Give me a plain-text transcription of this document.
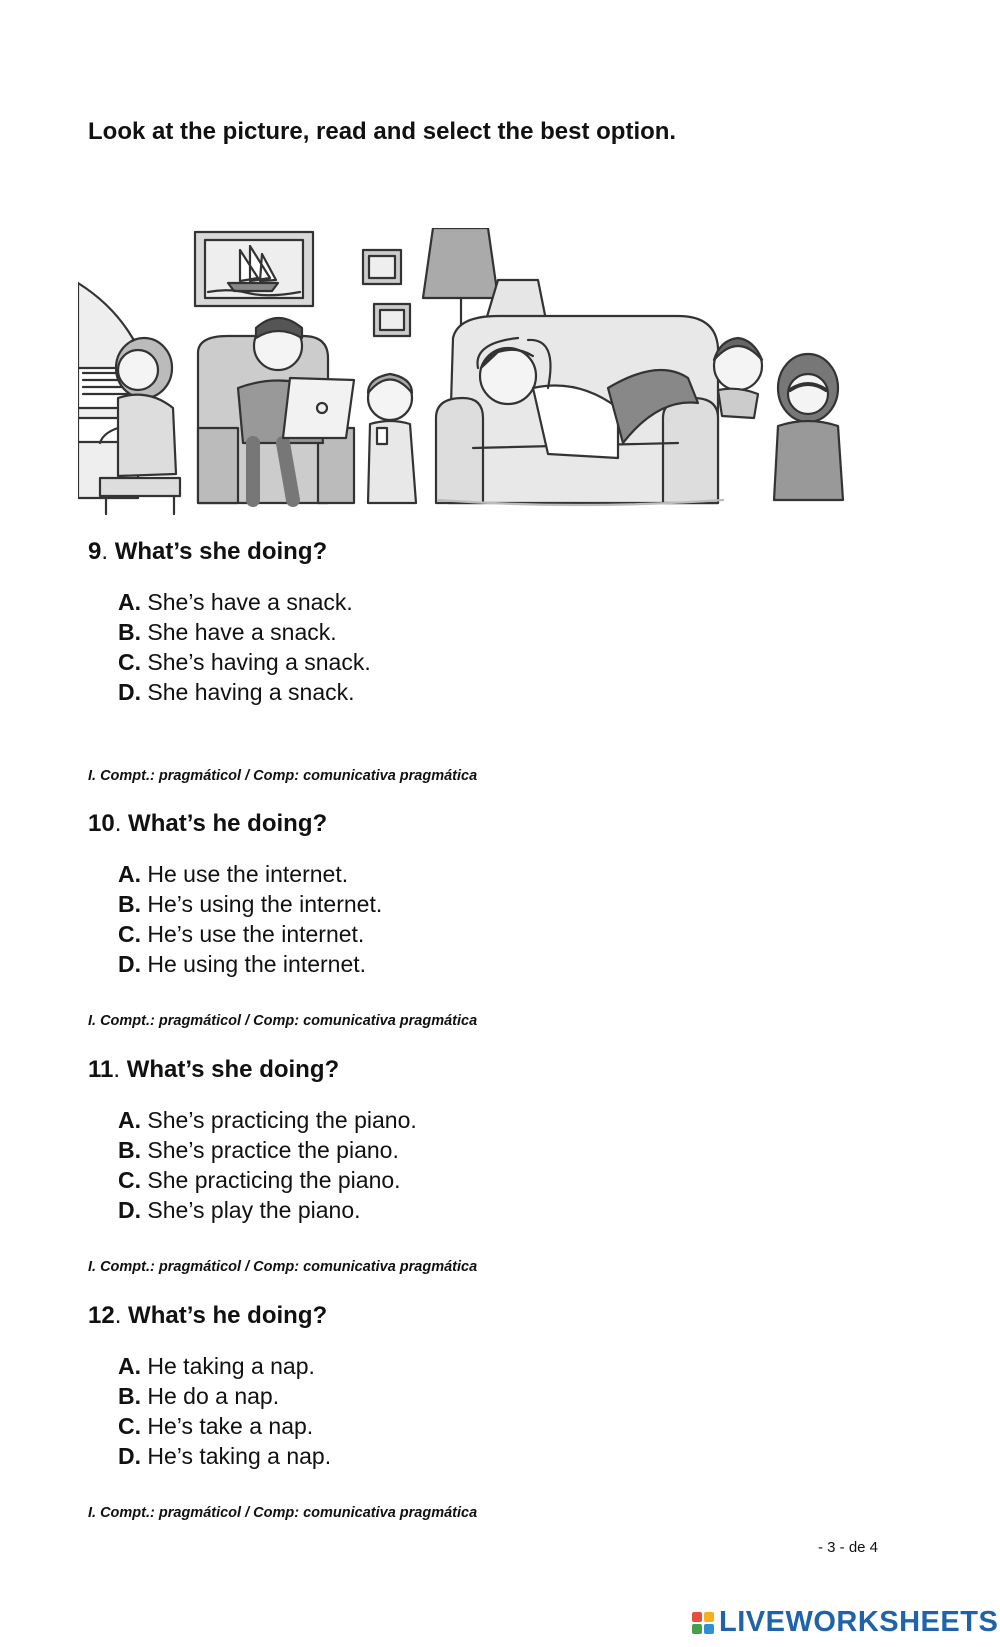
Look at the picture, read and select the best option.
9. What’s she doing?
A. She’s have a snack.
B. She have a snack.
C. She’s having a snack.
D. She having a snack.
I. Compt.: pragmáticol / Comp: comunicativa pragmática
10. What’s he doing?
A. He use the internet.
B. He’s using the internet.
C. He’s use the internet.
D. He using the internet.
I. Compt.: pragmáticol / Comp: comunicativa pragmática
11. What’s she doing?
A. She’s practicing the piano.
B. She’s practice the piano.
C. She practicing the piano.
D. She’s play the piano.
I. Compt.: pragmáticol / Comp: comunicativa pragmática
12. What’s he doing?
A. He taking a nap.
B. He do a nap.
C. He’s take a nap.
D. He’s taking a nap.
I. Compt.: pragmáticol / Comp: comunicativa pragmática
- 3 - de 4
LIVEWORKSHEETS
